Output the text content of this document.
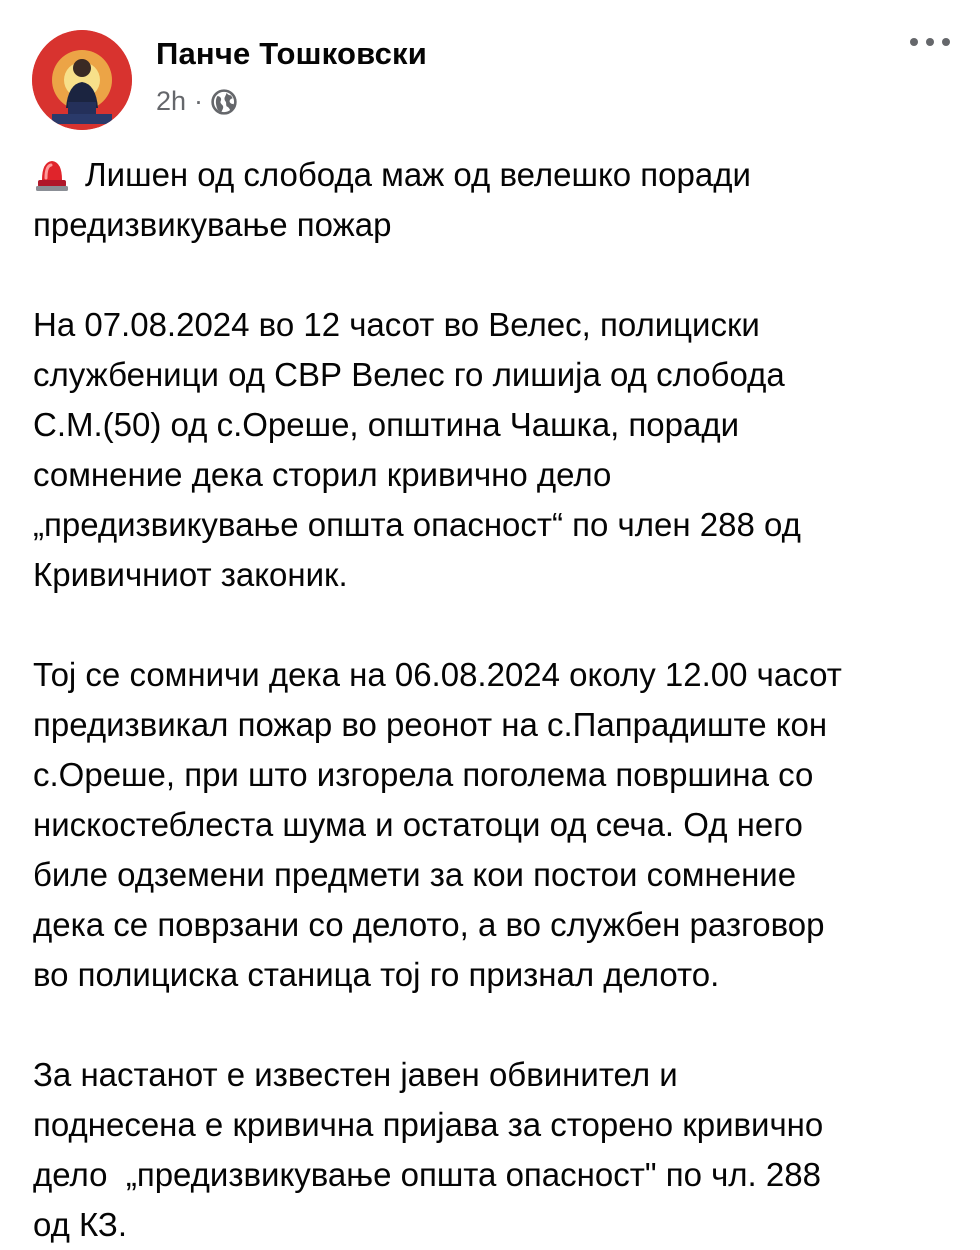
Панче Тошковски
2h ·

Лишен од слобода маж од велешко поради
предизвикување пожар

На 07.08.2024 во 12 часот во Велес, полициски
службеници од СВР Велес го лишија од слобода
С.М.(50) од с.Ореше, општина Чашка, поради
сомнение дека сторил кривично дело
„предизвикување општа опасност“ по член 288 од
Кривичниот законик.

Тој се сомничи дека на 06.08.2024 околу 12.00 часот
предизвикал пожар во реонот на с.Папрадиште кон
с.Ореше, при што изгорела поголема површина со
нискостеблеста шума и остатоци од сеча. Од него
биле одземени предмети за кои постои сомнение
дека се поврзани со делото, а во службен разговор
во полициска станица тој го признал делото.

За настанот е известен јавен обвинител и
поднесена е кривична пријава за сторено кривично
дело  „предизвикување општа опасност" по чл. 288
од КЗ.
